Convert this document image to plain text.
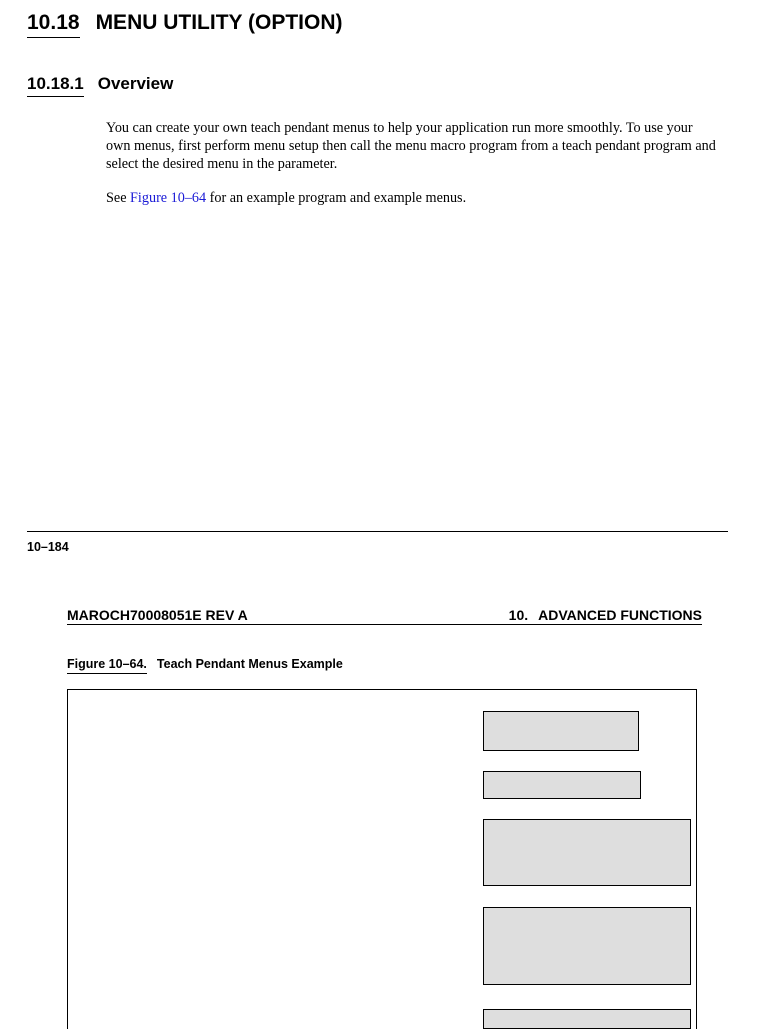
10.18 MENU UTILITY (OPTION)
10.18.1 Overview

You can create your own teach pendant menus to help your application run more smoothly. To use your own menus, first perform menu setup then call the menu macro program from a teach pendant program and select the desired menu in the parameter.

See Figure 10–64 for an example program and example menus.

10–184
MAROCH70008051E REV A	10. ADVANCED FUNCTIONS
Figure 10–64. Teach Pendant Menus Example
